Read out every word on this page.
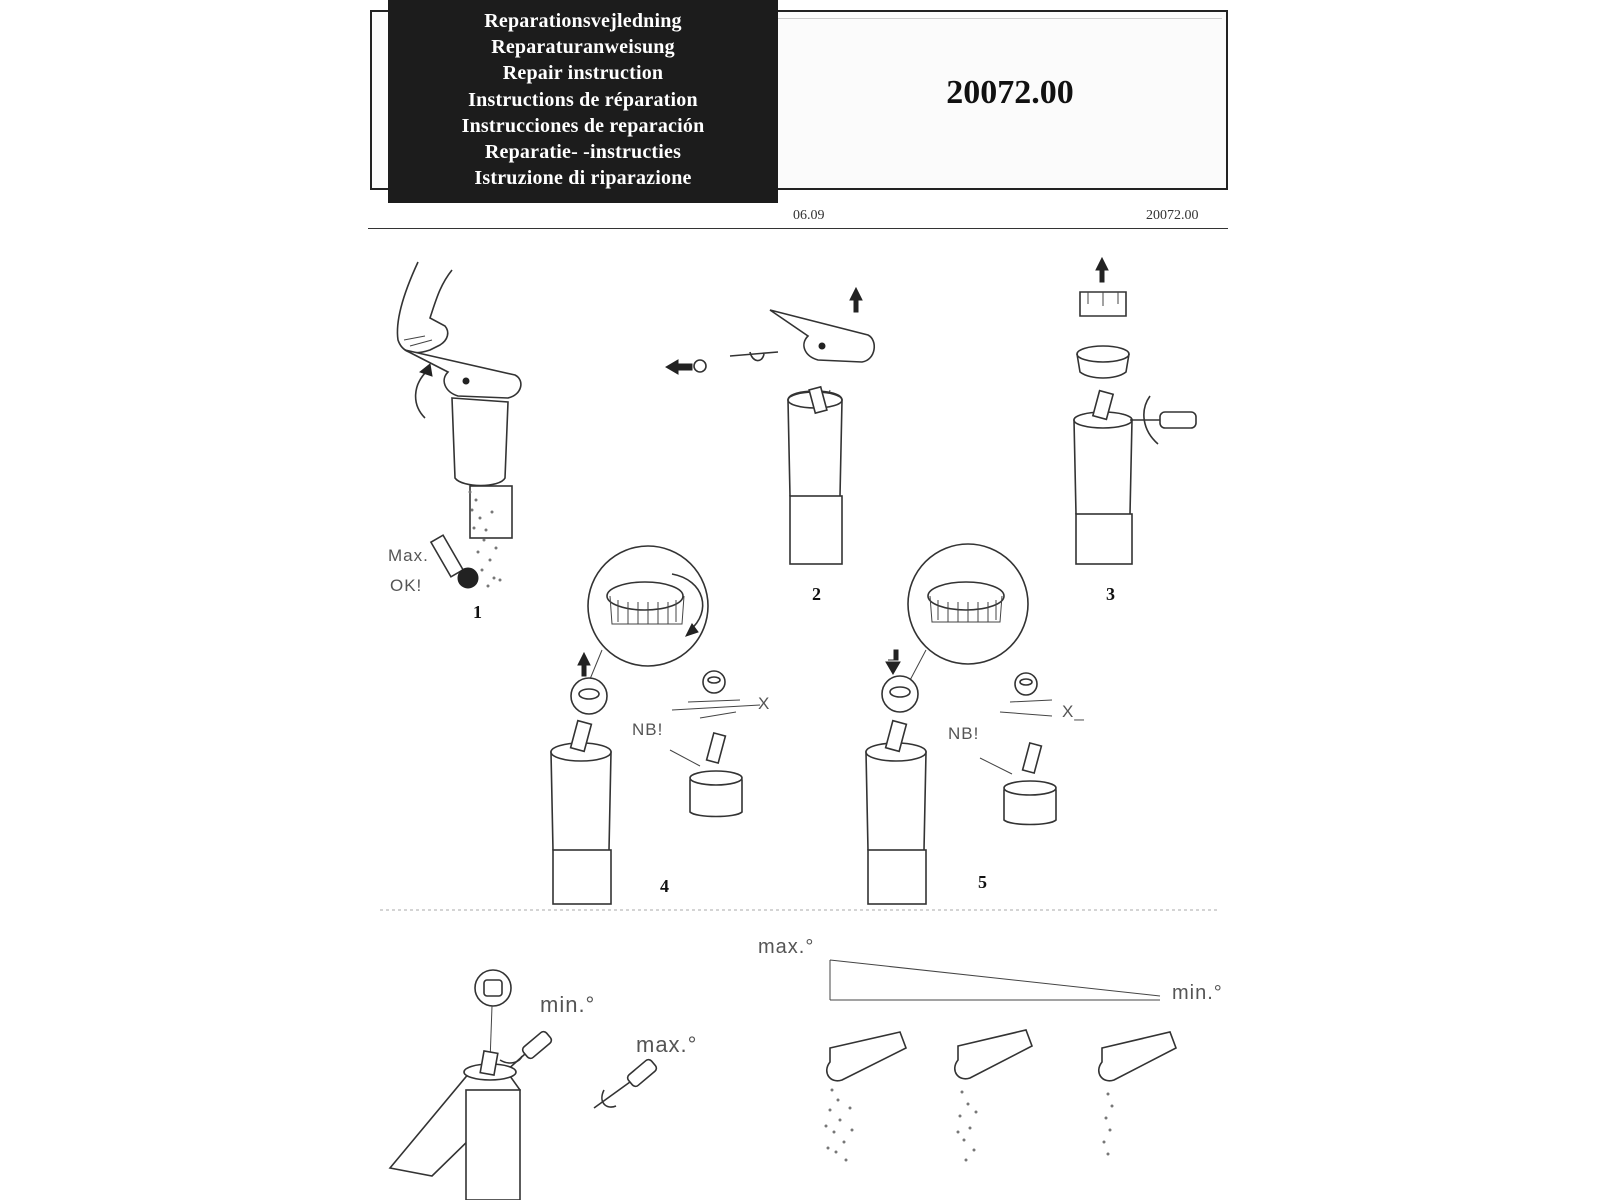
Reparationsvejledning
Reparaturanweisung
Repair instruction
Instructions de réparation
Instrucciones de reparación
Reparatie- -instructies
Istruzione di riparazione
20072.00
06.09	20072.00
1
2	3
4	5
Max.
OK!
NB!
X
NB!
X_
min.°
max.°
max.°
min.°
